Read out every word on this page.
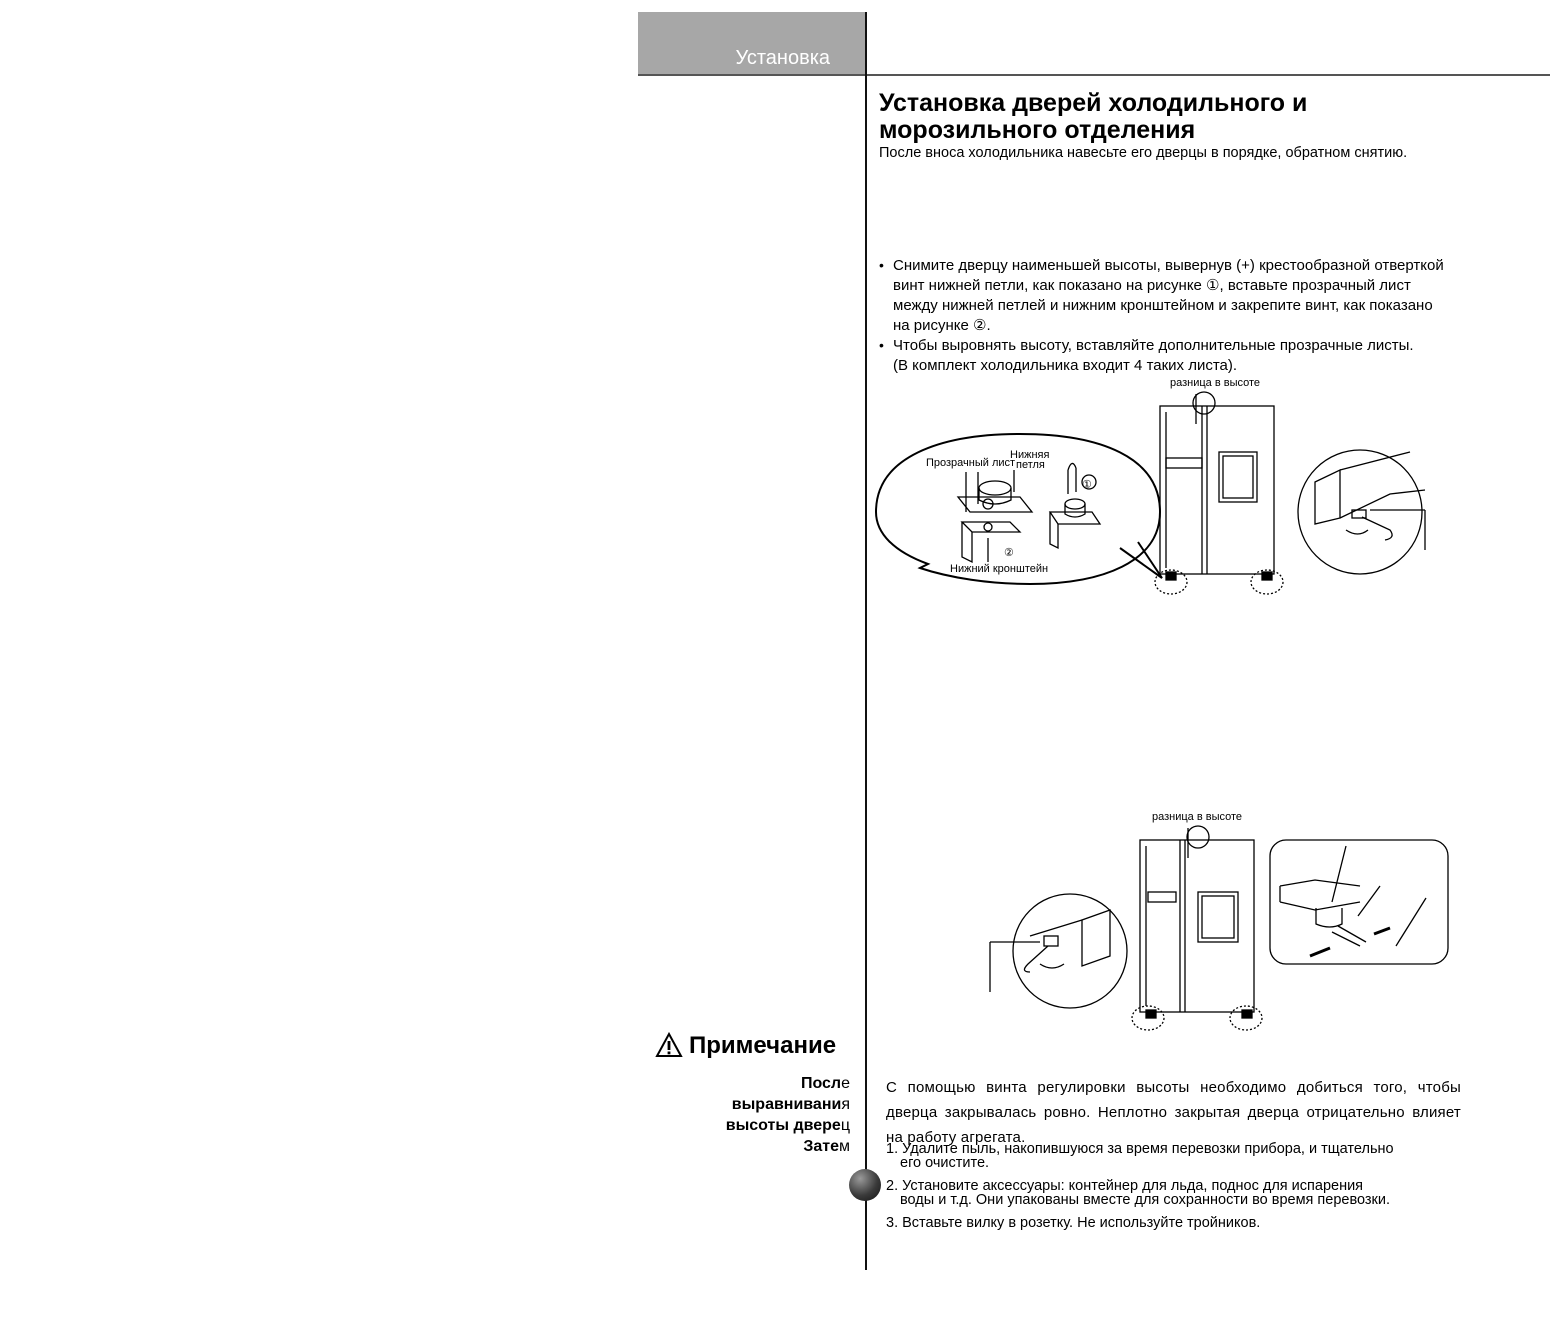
Установка
Установка дверей холодильного и
морозильного отделения
После вноса холодильника навесьте его дверцы в порядке, обратном снятию.
• Снимите дверцу наименьшей высоты, вывернув (+) крестообразной отверткой
винт нижней петли, как показано на рисунке ①, вставьте прозрачный лист
между нижней петлей и нижним кронштейном и закрепите винт, как показано
на рисунке ②.
• Чтобы выровнять высоту, вставляйте дополнительные прозрачные листы.
(В комплект холодильника входит 4 таких листа).
разница в высоте
Прозрачный лист
Нижняя
петля
Нижний кронштейн
①
②
разница в высоте
Примечание
После
выравнивания
высоты дверец
Затем
С помощью винта регулировки высоты необходимо добиться того, чтобы дверца закрывалась ровно. Неплотно закрытая дверца отрицательно влияет на работу агрегата.
1. Удалите пыль, накопившуюся за время перевозки прибора, и тщательно
его очистите.
2. Установите аксессуары: контейнер для льда, поднос для испарения
воды и т.д. Они упакованы вместе для сохранности во время перевозки.
3. Вставьте вилку в розетку. Не используйте тройников.
